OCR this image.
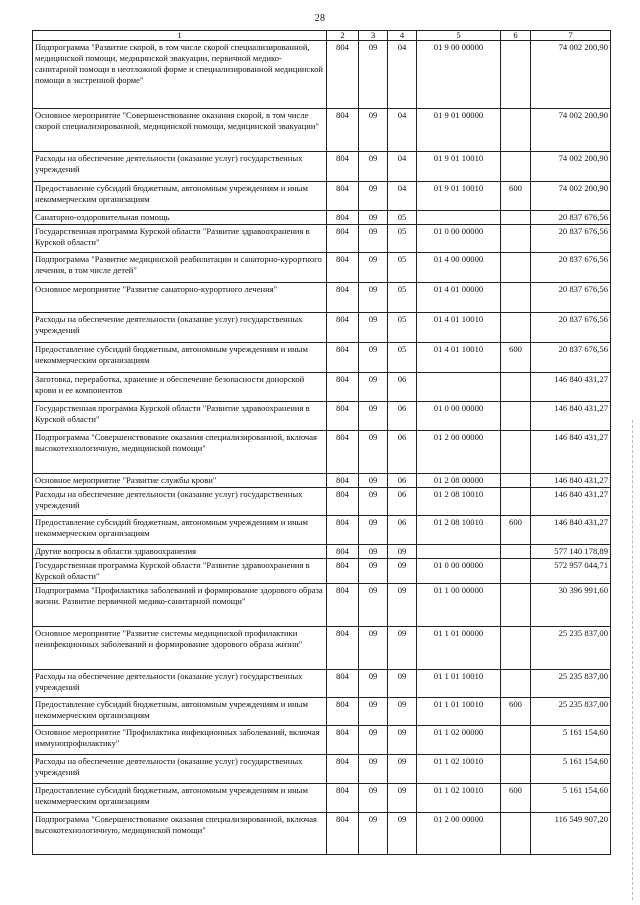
28
1	2	3	4	5	6	7
Подпрограмма "Развитие скорой, в том числе скорой специализированной, медицинской помощи, медицинской эвакуации, первичной медико-санитарной помощи в неотложной форме и специализированной медицинской помощи в экстренной форме"	804	09	04	01 9 00 00000		74 002 200,90
Основное мероприятие "Совершенствование оказания скорой, в том числе скорой специализированной, медицинской помощи, медицинской эвакуации"	804	09	04	01 9 01 00000		74 002 200,90
Расходы на обеспечение деятельности (оказание услуг) государственных учреждений	804	09	04	01 9 01 10010		74 002 200,90
Предоставление субсидий бюджетным, автономным учреждениям и иным некоммерческим организациям	804	09	04	01 9 01 10010	600	74 002 200,90
Санаторно-оздоровительная помощь	804	09	05			20 837 676,56
Государственная программа Курской области "Развитие здравоохранения в Курской области"	804	09	05	01 0 00 00000		20 837 676,56
Подпрограмма "Развитие медицинской реабилитации и санаторно-курортного лечения, в том числе детей"	804	09	05	01 4 00 00000		20 837 676,56
Основное мероприятие "Развитие санаторно-курортного лечения"	804	09	05	01 4 01 00000		20 837 676,56
Расходы на обеспечение деятельности (оказание услуг) государственных учреждений	804	09	05	01 4 01 10010		20 837 676,56
Предоставление субсидий бюджетным, автономным учреждениям и иным некоммерческим организациям	804	09	05	01 4 01 10010	600	20 837 676,56
Заготовка, переработка, хранение и обеспечение безопасности донорской крови и ее компонентов	804	09	06			146 840 431,27
Государственная программа Курской области "Развитие здравоохранения в Курской области"	804	09	06	01 0 00 00000		146 840 431,27
Подпрограмма "Совершенствование оказания специализированной, включая высокотехнологичную, медицинской помощи"	804	09	06	01 2 00 00000		146 840 431,27
Основное мероприятие "Развитие службы крови"	804	09	06	01 2 08 00000		146 840 431,27
Расходы на обеспечение деятельности (оказание услуг) государственных учреждений	804	09	06	01 2 08 10010		146 840 431,27
Предоставление субсидий бюджетным, автономным учреждениям и иным некоммерческим организациям	804	09	06	01 2 08 10010	600	146 840 431,27
Другие вопросы в области здравоохранения	804	09	09			577 140 178,89
Государственная программа Курской области "Развитие здравоохранения в Курской области"	804	09	09	01 0 00 00000		572 957 044,71
Подпрограмма "Профилактика заболеваний и формирование здорового образа жизни. Развитие первичной медико-санитарной помощи"	804	09	09	01 1 00 00000		30 396 991,60
Основное мероприятие "Развитие системы медицинской профилактики неинфекционных заболеваний и формирование здорового образа жизни"	804	09	09	01 1 01 00000		25 235 837,00
Расходы на обеспечение деятельности (оказание услуг) государственных учреждений	804	09	09	01 1 01 10010		25 235 837,00
Предоставление субсидий бюджетным, автономным учреждениям и иным некоммерческим организациям	804	09	09	01 1 01 10010	600	25 235 837,00
Основное мероприятие "Профилактика инфекционных заболеваний, включая иммунопрофилактику"	804	09	09	01 1 02 00000		5 161 154,60
Расходы на обеспечение деятельности (оказание услуг) государственных учреждений	804	09	09	01 1 02 10010		5 161 154,60
Предоставление субсидий бюджетным, автономным учреждениям и иным некоммерческим организациям	804	09	09	01 1 02 10010	600	5 161 154,60
Подпрограмма "Совершенствование оказания специализированной, включая высокотехнологичную, медицинской помощи"	804	09	09	01 2 00 00000		116 549 907,20
